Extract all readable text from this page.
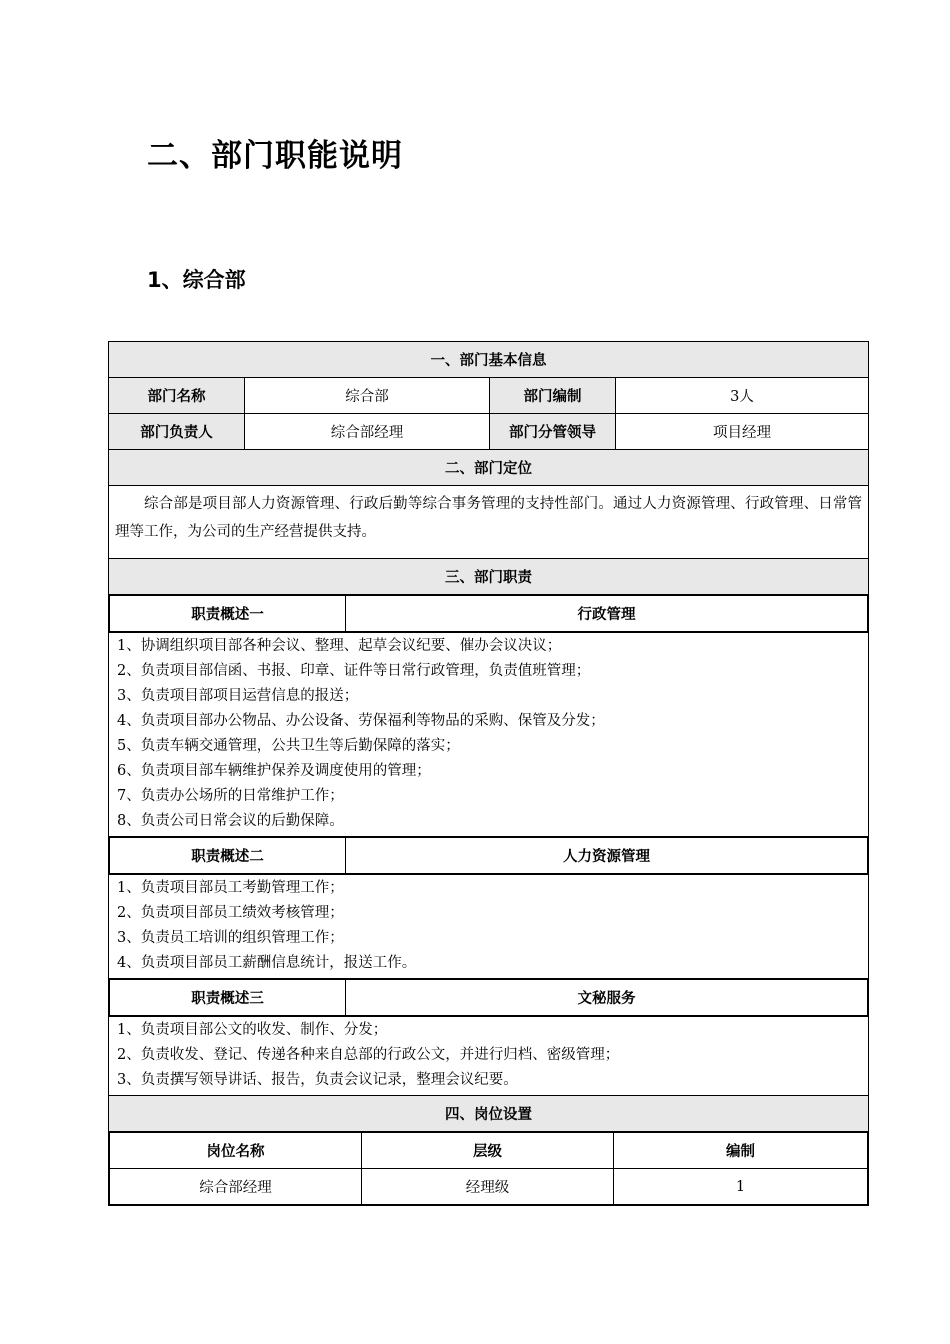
二、部门职能说明
1、综合部
一、部门基本信息
部门名称	综合部	部门编制	3人
部门负责人	综合部经理	部门分管领导	项目经理
二、部门定位
综合部是项目部人力资源管理、行政后勤等综合事务管理的支持性部门。通过人力资源管理、行政管理、日常管理等工作，为公司的生产经营提供支持。
三、部门职责

职责概述一	行政管理

1、协调组织项目部各种会议、整理、起草会议纪要、催办会议决议；
2、负责项目部信函、书报、印章、证件等日常行政管理，负责值班管理；
3、负责项目部项目运营信息的报送；
4、负责项目部办公物品、办公设备、劳保福利等物品的采购、保管及分发；
5、负责车辆交通管理，公共卫生等后勤保障的落实；
6、负责项目部车辆维护保养及调度使用的管理；
7、负责办公场所的日常维护工作；
8、负责公司日常会议的后勤保障。

职责概述二	人力资源管理

1、负责项目部员工考勤管理工作；
2、负责项目部员工绩效考核管理；
3、负责员工培训的组织管理工作；
4、负责项目部员工薪酬信息统计，报送工作。

职责概述三	文秘服务

1、负责项目部公文的收发、制作、分发；
2、负责收发、登记、传递各种来自总部的行政公文，并进行归档、密级管理；
3、负责撰写领导讲话、报告，负责会议记录，整理会议纪要。

四、岗位设置

岗位名称	层级	编制
综合部经理	经理级	1
